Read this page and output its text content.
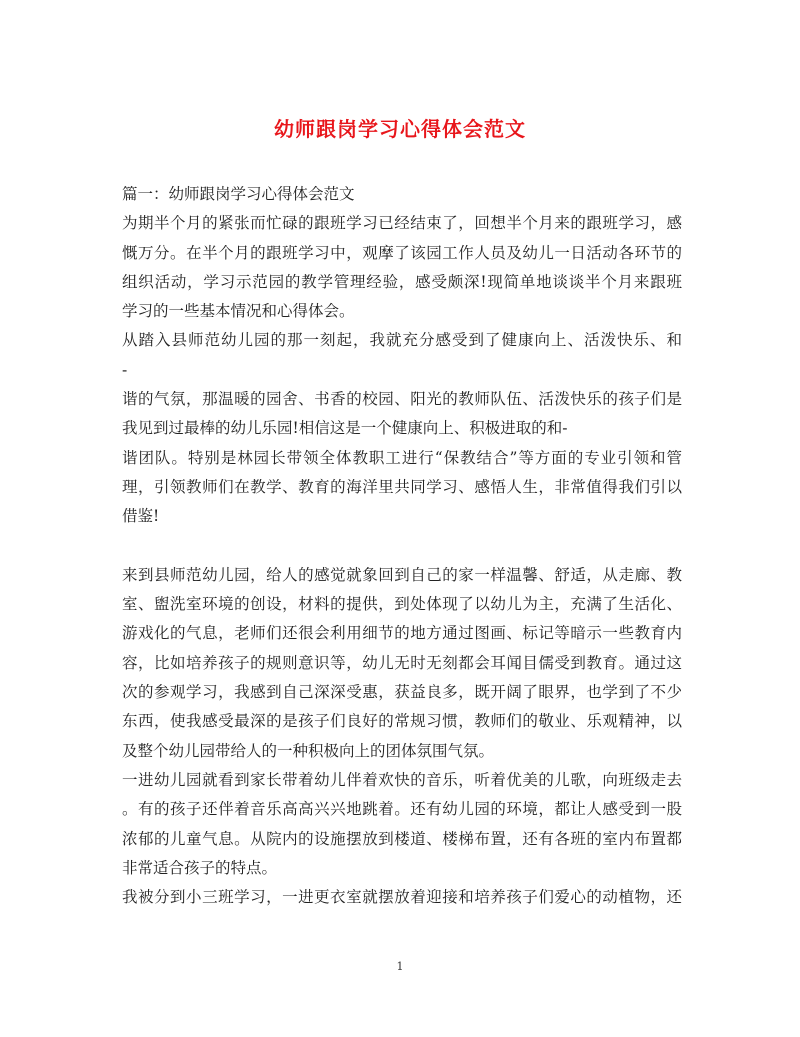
幼师跟岗学习心得体会范文
篇一：幼师跟岗学习心得体会范文
为期半个月的紧张而忙碌的跟班学习已经结束了，回想半个月来的跟班学习，感
慨万分。在半个月的跟班学习中，观摩了该园工作人员及幼儿一日活动各环节的
组织活动，学习示范园的教学管理经验，感受颇深!现简单地谈谈半个月来跟班
学习的一些基本情况和心得体会。
从踏入县师范幼儿园的那一刻起，我就充分感受到了健康向上、活泼快乐、和
-
谐的气氛，那温暖的园舍、书香的校园、阳光的教师队伍、活泼快乐的孩子们是
我见到过最棒的幼儿乐园!相信这是一个健康向上、积极进取的和-
谐团队。特别是林园长带领全体教职工进行“保教结合”等方面的专业引领和管
理，引领教师们在教学、教育的海洋里共同学习、感悟人生，非常值得我们引以
借鉴!
来到县师范幼儿园，给人的感觉就象回到自己的家一样温馨、舒适，从走廊、教
室、盥洗室环境的创设，材料的提供，到处体现了以幼儿为主，充满了生活化、
游戏化的气息，老师们还很会利用细节的地方通过图画、标记等暗示一些教育内
容，比如培养孩子的规则意识等，幼儿无时无刻都会耳闻目儒受到教育。通过这
次的参观学习，我感到自己深深受惠，获益良多，既开阔了眼界，也学到了不少
东西，使我感受最深的是孩子们良好的常规习惯，教师们的敬业、乐观精神，以
及整个幼儿园带给人的一种积极向上的团体氛围气氛。
一进幼儿园就看到家长带着幼儿伴着欢快的音乐，听着优美的儿歌，向班级走去
。有的孩子还伴着音乐高高兴兴地跳着。还有幼儿园的环境，都让人感受到一股
浓郁的儿童气息。从院内的设施摆放到楼道、楼梯布置，还有各班的室内布置都
非常适合孩子的特点。
我被分到小三班学习，一进更衣室就摆放着迎接和培养孩子们爱心的动植物，还
1
